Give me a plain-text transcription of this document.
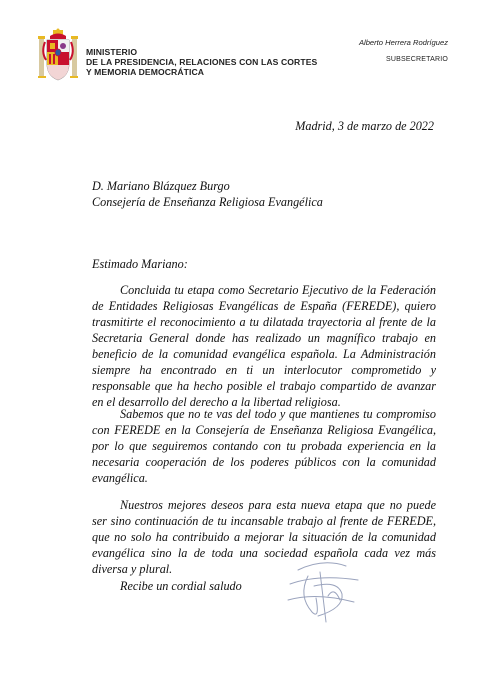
MINISTERIO
DE LA PRESIDENCIA, RELACIONES CON LAS CORTES
Y MEMORIA DEMOCRÁTICA
Alberto Herrera Rodríguez
SUBSECRETARIO
Madrid, 3 de marzo de 2022
D. Mariano Blázquez Burgo
Consejería de Enseñanza Religiosa Evangélica
Estimado Mariano:

Concluida tu etapa como Secretario Ejecutivo de la Federación de Entidades Religiosas Evangélicas de España (FEREDE), quiero trasmitirte el reconocimiento a tu dilatada trayectoria al frente de la Secretaria General donde has realizado un magnífico trabajo en beneficio de la comunidad evangélica española. La Administración siempre ha encontrado en ti un interlocutor comprometido y responsable que ha hecho posible el trabajo compartido de avanzar en el desarrollo del derecho a la libertad religiosa.

Sabemos que no te vas del todo y que mantienes tu compromiso con FEREDE en la Consejería de Enseñanza Religiosa Evangélica, por lo que seguiremos contando con tu probada experiencia en la necesaria cooperación de los poderes públicos con la comunidad evangélica.

Nuestros mejores deseos para esta nueva etapa que no puede ser sino continuación de tu incansable trabajo al frente de FEREDE, que no solo ha contribuido a mejorar la situación de la comunidad evangélica sino la de toda una sociedad española cada vez más diversa y plural.

Recibe un cordial saludo
